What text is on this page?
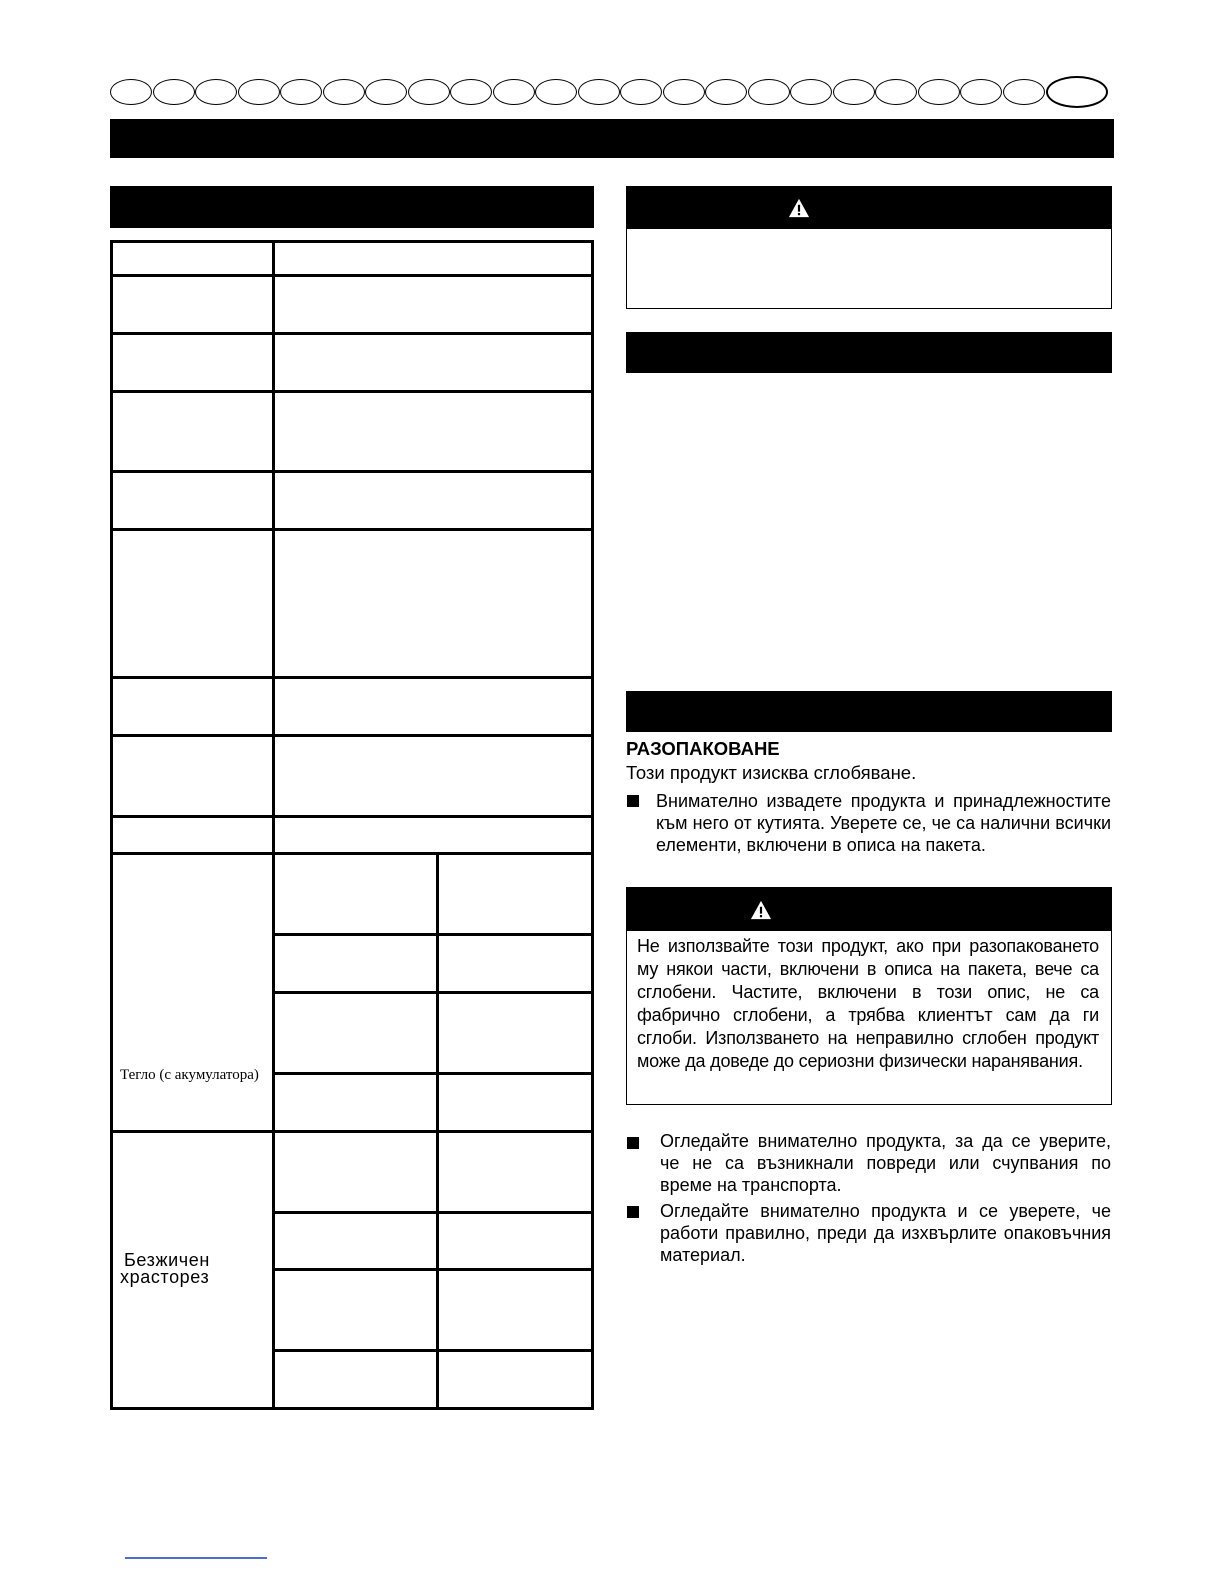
Тегло (с акумулатора)
Безжичен
храсторез
РАЗОПАКОВАНЕ
Този продукт изисква сглобяване.
Внимателно извадете продукта и принадлежностите към него от кутията. Уверете се, че са налични всички елементи, включени в описа на пакета.
Не използвайте този продукт, ако при разопаковането му някои части, включени в описа на пакета, вече са сглобени. Частите, включени в този опис, не са фабрично сглобени, а трябва клиентът сам да ги сглоби. Използването на неправилно сглобен продукт може да доведе до сериозни физически наранявания.
Огледайте внимателно продукта, за да се уверите, че не са възникнали повреди или счупвания по време на транспорта.
Огледайте внимателно продукта и се уверете, че работи правилно, преди да изхвърлите опаковъчния материал.
